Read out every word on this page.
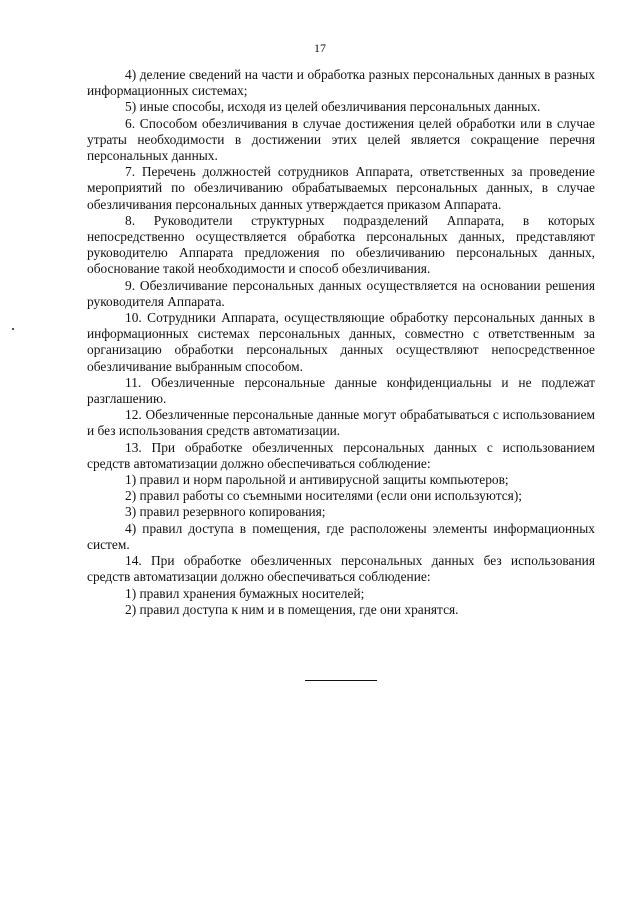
17

4) деление сведений на части и обработка разных персональных данных в разных информационных системах;

5) иные способы, исходя из целей обезличивания персональных данных.

6. Способом обезличивания в случае достижения целей обработки или в случае утраты необходимости в достижении этих целей является сокращение перечня персональных данных.

7. Перечень должностей сотрудников Аппарата, ответственных за проведение мероприятий по обезличиванию обрабатываемых персональных данных, в случае обезличивания персональных данных утверждается приказом Аппарата.

8. Руководители структурных подразделений Аппарата, в которых непосредственно осуществляется обработка персональных данных, представляют руководителю Аппарата предложения по обезличиванию персональных данных, обоснование такой необходимости и способ обезличивания.

9. Обезличивание персональных данных осуществляется на основании решения руководителя Аппарата.

10. Сотрудники Аппарата, осуществляющие обработку персональных данных в информационных системах персональных данных, совместно с ответственным за организацию обработки персональных данных осуществляют непосредственное обезличивание выбранным способом.

11. Обезличенные персональные данные конфиденциальны и не подлежат разглашению.

12. Обезличенные персональные данные могут обрабатываться с использованием и без использования средств автоматизации.

13. При обработке обезличенных персональных данных с использованием средств автоматизации должно обеспечиваться соблюдение:

1) правил и норм парольной и антивирусной защиты компьютеров;

2) правил работы со съемными носителями (если они используются);

3) правил резервного копирования;

4) правил доступа в помещения, где расположены элементы информационных систем.

14. При обработке обезличенных персональных данных без использования средств автоматизации должно обеспечиваться соблюдение:

1) правил хранения бумажных носителей;

2) правил доступа к ним и в помещения, где они хранятся.
